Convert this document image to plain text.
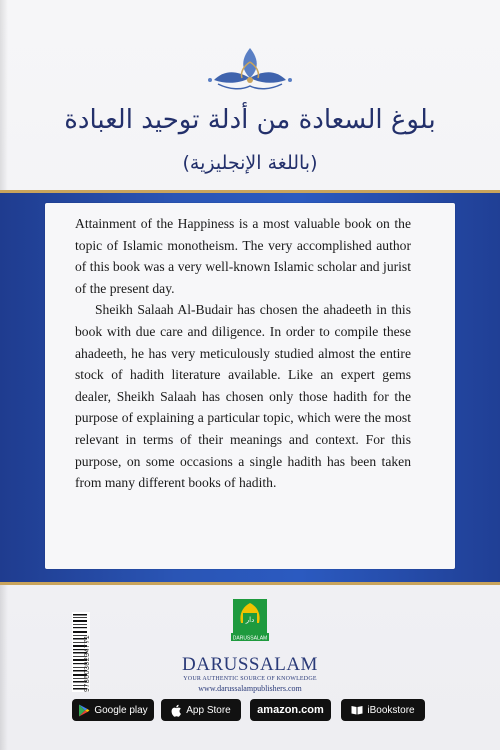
بلوغ السعادة من أدلة توحيد العبادة
(باللغة الإنجليزية)

Attainment of the Happiness is a most valuable book on the topic of Islamic monotheism. The very accomplished author of this book was a very well-known Islamic scholar and jurist of the present day.

Sheikh Salaah Al-Budair has chosen the ahadeeth in this book with due care and diligence. In order to compile these ahadeeth, he has very meticulously studied almost the entire stock of hadith literature available. Like an expert gems dealer, Sheikh Salaah has chosen only those hadith for the purpose of explaining a particular topic, which were the most relevant in terms of their meanings and context. For this purpose, on some occasions a single hadith has been taken from many different books of hadith.

9786030234771
دار
DARUSSALAM
DARUSSALAM
YOUR AUTHENTIC SOURCE OF KNOWLEDGE
www.darussalampublishers.com
Google play	App Store amazon.com	iBookstore
